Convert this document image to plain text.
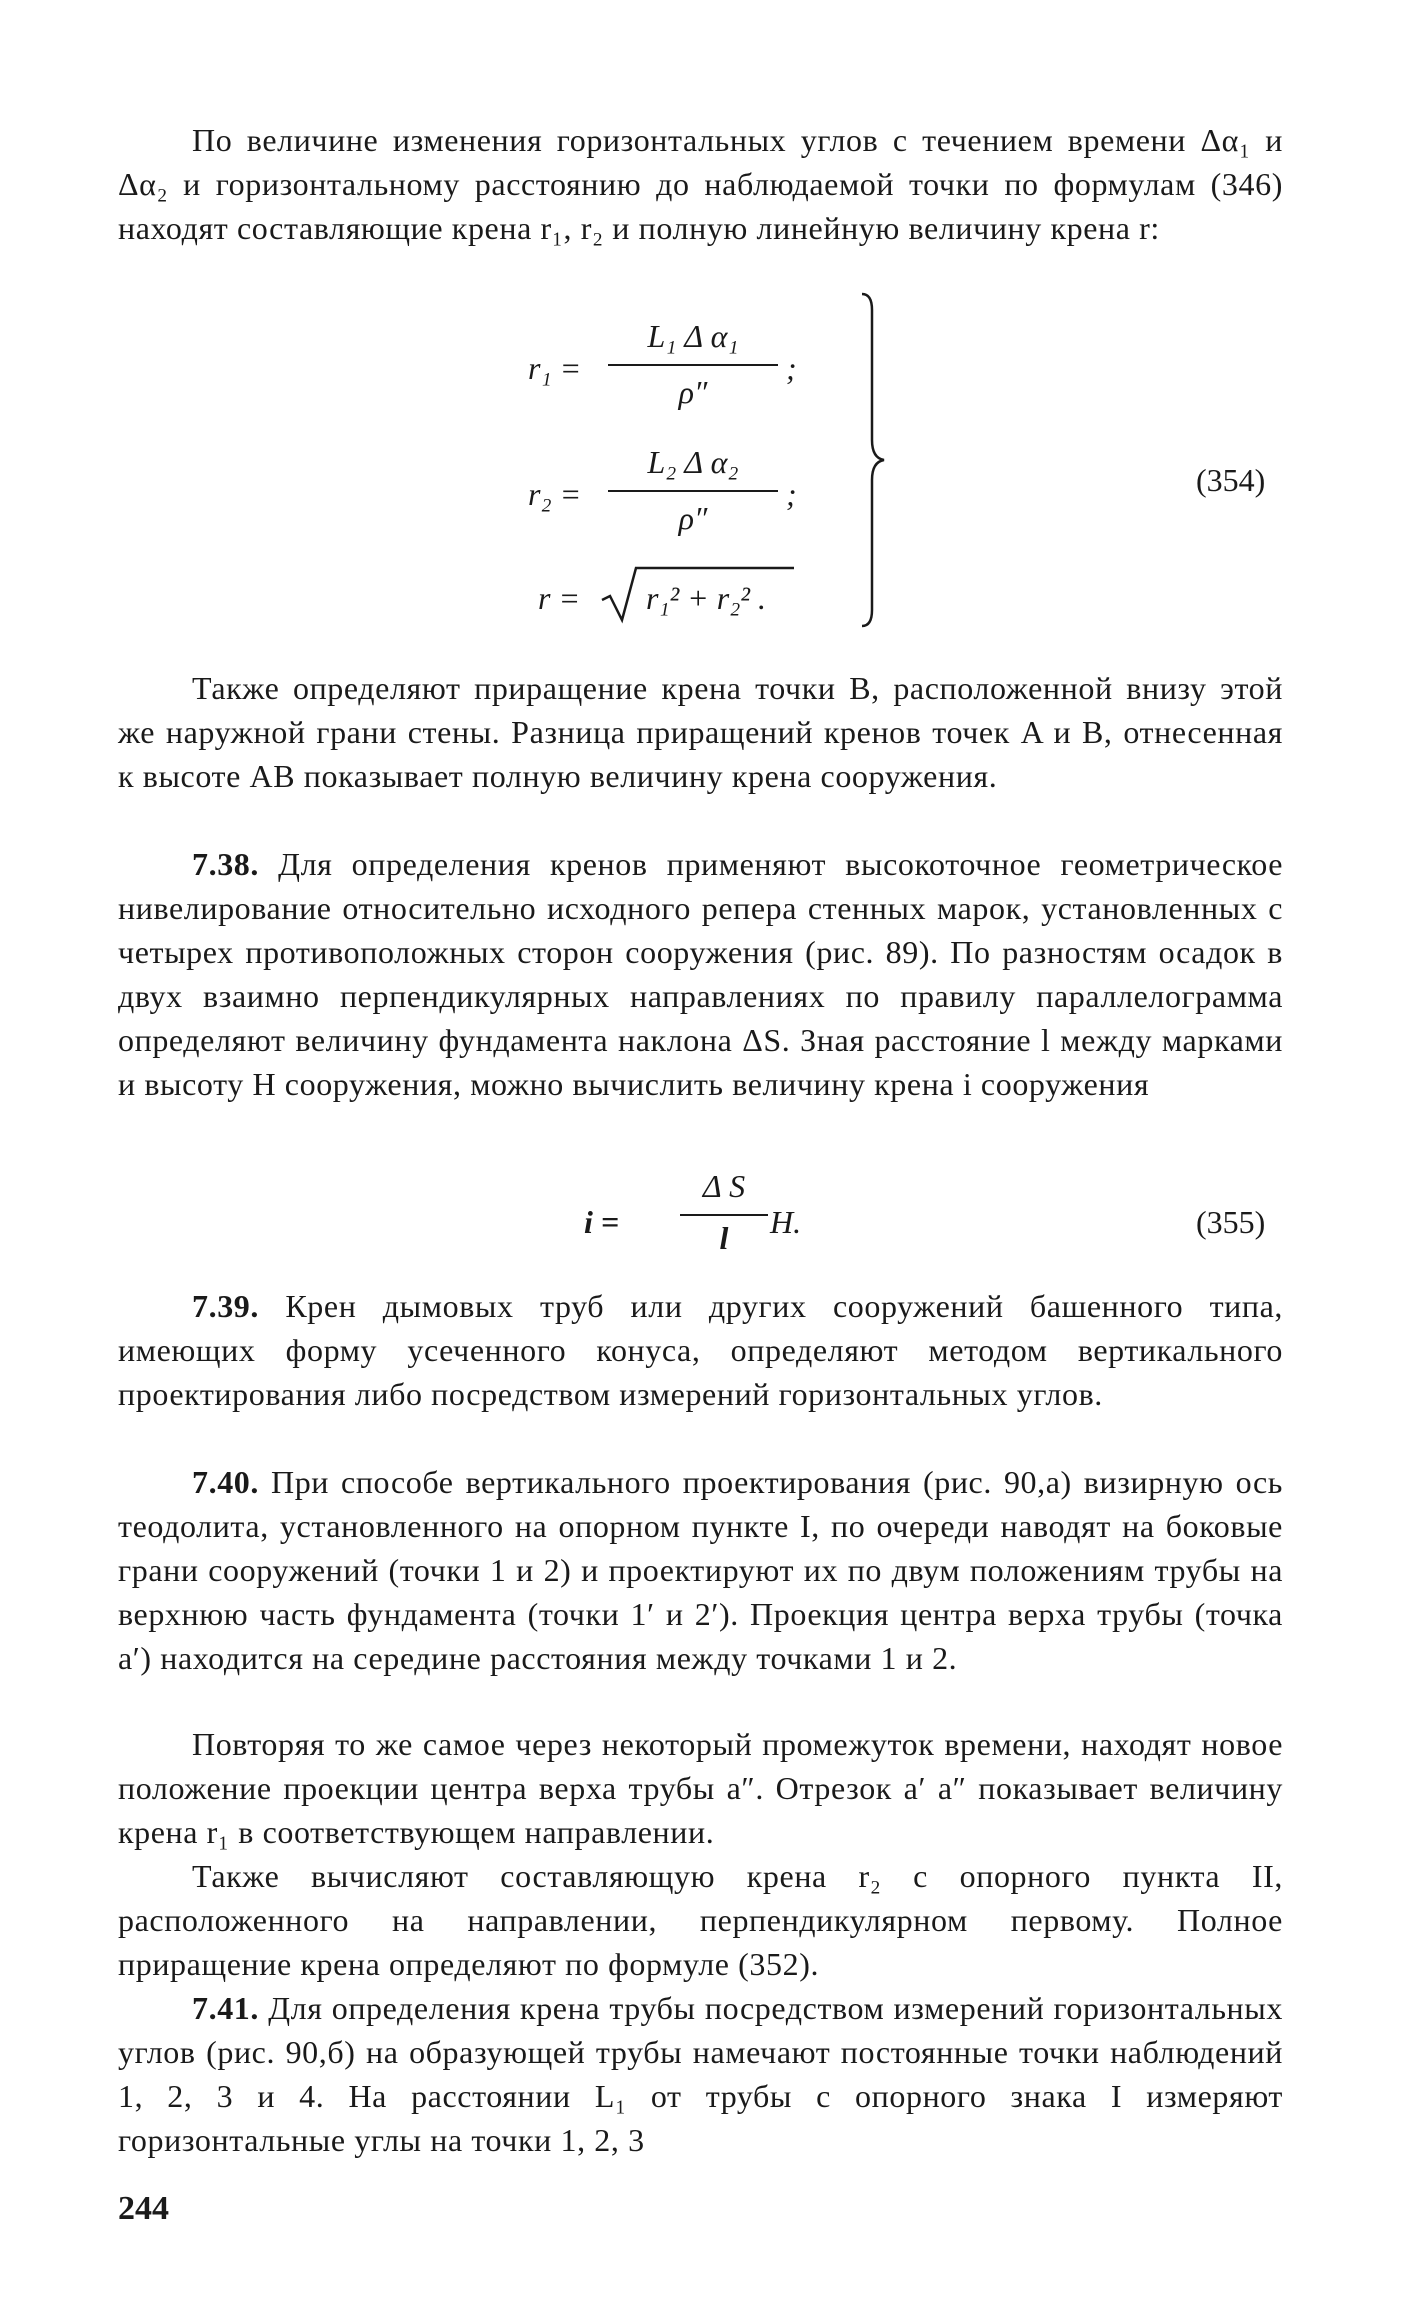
По величине изменения горизонтальных углов с течением времени Δα₁ и Δα₂ и горизонтальному расстоянию до наблюдаемой точки по формулам (346) находят составляющие крена r₁, r₂ и полную линейную величину крена r:

r₁ =
L₁ Δ α₁
ρ″
;
r₂ =
L₂ Δ α₂
ρ″
;
r = r₁² + r₂² .
(354)

Также определяют приращение крена точки B, расположенной внизу этой же наружной грани стены. Разница приращений кренов точек A и B, отнесенная к высоте AB показывает полную величину крена сооружения.

7.38. Для определения кренов применяют высокоточное геометрическое нивелирование относительно исходного репера стенных марок, установленных с четырех противоположных сторон сооружения (рис. 89). По разностям осадок в двух взаимно перпендикулярных направлениях по правилу параллелограмма определяют величину фундамента наклона ΔS. Зная расстояние l между марками и высоту H сооружения, можно вычислить величину крена i сооружения

i =
Δ S
l	H.	(355)

7.39. Крен дымовых труб или других сооружений башенного типа, имеющих форму усеченного конуса, определяют методом вертикального проектирования либо посредством измерений горизонтальных углов.

7.40. При способе вертикального проектирования (рис. 90,а) визирную ось теодолита, установленного на опорном пункте I, по очереди наводят на боковые грани сооружений (точки 1 и 2) и проектируют их по двум положениям трубы на верхнюю часть фундамента (точки 1′ и 2′). Проекция центра верха трубы (точка a′) находится на середине расстояния между точками 1 и 2.

Повторяя то же самое через некоторый промежуток времени, находят новое положение проекции центра верха трубы a″. Отрезок a′ a″ показывает величину крена r₁ в соответствующем направлении.

Также вычисляют составляющую крена r₂ с опорного пункта II, расположенного на направлении, перпендикулярном первому. Полное приращение крена определяют по формуле (352).

7.41. Для определения крена трубы посредством измерений горизонтальных углов (рис. 90,б) на образующей трубы намечают постоянные точки наблюдений 1, 2, 3 и 4. На расстоянии L₁ от трубы с опорного знака I измеряют горизонтальные углы на точки 1, 2, 3

244
